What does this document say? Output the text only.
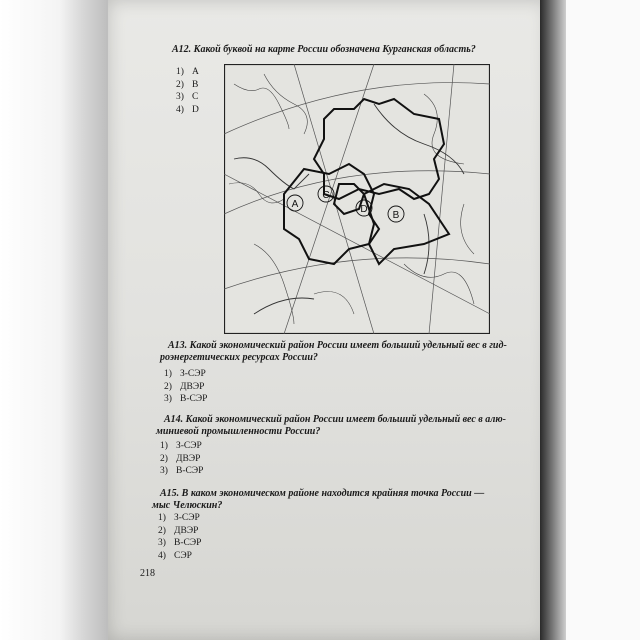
А12. Какой буквой на карте России обозначена Курганская область?
1) A
2) B
3) C
4) D
A
C
D
B
А13. Какой экономический район России имеет больший удельный вес в гид-
роэнергетических ресурсах России?
1) З-СЭР
2) ДВЭР
3) В-СЭР
А14. Какой экономический район России имеет больший удельный вес в алю-
миниевой промышленности России?
1) З-СЭР
2) ДВЭР
3) В-СЭР
А15. В каком экономическом районе находится крайняя точка России —
мыс Челюскин?
1) З-СЭР
2) ДВЭР
3) В-СЭР
4) СЭР
218
